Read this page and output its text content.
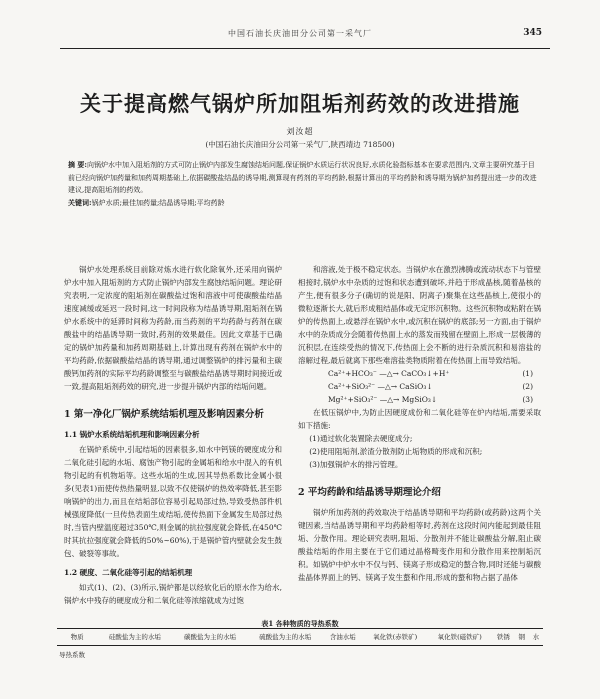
中国石油长庆油田分公司第一采气厂	345
关于提高燃气锅炉所加阻垢剂药效的改进措施
刘汝超
(中国石油长庆油田分公司第一采气厂,陕西靖边 718500)
摘 要:向锅炉水中加入阻垢剂的方式可防止锅炉内部发生腐蚀结垢问题,保证锅炉水质运行状况良好,水质化验指标基本在要求范围内,文章主要研究基于目前已经向锅炉加药量和加药周期基础上,依据碳酸盐结晶的诱导期,测算现有药剂的平均药龄,根据计算出的平均药龄和诱导期为锅炉加药提出进一步的改进建议,提高阻垢剂的药效。
关键词:锅炉水质;最佳加药量;结晶诱导期;平均药龄

锅炉水处理系统目前除对炼水进行软化除氧外,还采用向锅炉炉水中加入阻垢剂的方式防止锅炉内部发生腐蚀结垢问题。理论研究表明,一定浓度的阻垢剂在碳酸盐过饱和溶液中可使碳酸盐结晶速度减缓或延迟一段时间,这一时间段称为结晶诱导期,阻垢剂在锅炉水系统中的延滞时间称为药龄,而当药剂的平均药龄与药剂在碳酸盐中的结晶诱导期一致时,药剂的效果最佳。因此文章基于已确定的锅炉加药量和加药周期基础上,计算出现有药剂在锅炉水中的平均药龄,依据碳酸盐结晶的诱导期,通过调整锅炉的排污量和主碳酸钙加药剂的实际平均药龄调整至与碳酸盐结晶诱导期时间接近或一致,提高阻垢剂药效的研究,进一步提升锅炉内部的结垢问题。

1 第一净化厂锅炉系统结垢机理及影响因素分析
1.1 锅炉水系统结垢机理和影响因素分析

在锅炉系统中,引起结垢的因素很多,如水中钙镁的硬度成分和二氧化硅引起的水垢、腐蚀产物引起的金属垢和给水中混入的有机物引起的有机物垢等。这些水垢的生成,因其导热系数比金属小很多(见表1)而使传热热量明显,以致不仅使锅炉的热效率降低,甚至影响锅炉的出力,而且在结垢部位容易引起局部过热,导致受热部件机械强度降低(一旦传热表面生成结垢,使传热面下金属发生局部过热时,当管内壁温度超过350℃,则金属的抗拉强度就会降低,在450℃时其抗拉强度就会降低的50%~60%),于是锅炉管内壁就会发生鼓包、破裂等事故。

1.2 硬度、二氧化硅等引起的结垢机理

如式(1)、(2)、(3)所示,锅炉都是以经软化后的原水作为给水,锅炉水中残存的硬度成分和二氧化硅等浓缩就成为过饱

和溶液,处于极不稳定状态。当锅炉水在激烈沸腾或流动状态下与管壁相接时,锅炉水中杂质的过饱和状态遭到破坏,并趋于形成晶核,随着晶核的产生,便有很多分子(确切的说是阳、阴离子)聚集在这些晶核上,使很小的微粒逐渐长大,就后形成粗结晶体或无定形沉积物。这些沉积物或粘附在锅炉的传热面上,或悬浮在锅炉水中,或沉积在锅炉的底部;另一方面,由于锅炉水中的杂质成分会随着传热面上水的蒸发而残留在壁面上,形成一层极薄的沉积层,在连续受热的情况下,传热面上会不断的进行杂质沉积和易溶盐的溶解过程,最后就离下那些难溶盐类物质附着在传热面上而导致结垢。

Ca²⁺+HCO₃⁻ —△→ CaCO₃↓+H⁺	(1)
Ca²⁺+SiO₃²⁻ —△→ CaSiO₃↓	(2)
Mg²⁺+SiO₃²⁻ —△→ MgSiO₃↓	(3)

在低压锅炉中,为防止因硬度成份和二氧化硅等在炉内结垢,需要采取如下措施:

(1)通过软化装置除去硬度成分;

(2)使用阻垢剂,淤渣分散剂防止垢物质的形成和沉积;

(3)加强锅炉水的排污管理。

2 平均药龄和结晶诱导期理论介绍

锅炉所加药剂的药效取决于结晶诱导期和平均药龄(或药龄)这两个关键因素,当结晶诱导期和平均药龄相等时,药剂在这段时间内能起到最佳阻垢、分散作用。理论研究表明,阻垢、分散剂并不能让碳酸盐分解,阻止碳酸盐结垢的作用主要在于它们通过晶格畸变作用和分散作用来控制垢沉积。如锅炉中炉水中不仅与钙、镁离子形成稳定的螯合物,同时还能与碳酸盐晶体界面上的钙、镁离子发生螯和作用,形成的螯和物占据了晶体

表1 各种物质的导热系数
物质	硅酸盐为主的水垢	碳酸盐为主的水垢	硫酸盐为主的水垢	含油水垢	氧化铁(赤铁矿)	氧化铁(磁铁矿)	铁锈	钢	水
导热系数									
